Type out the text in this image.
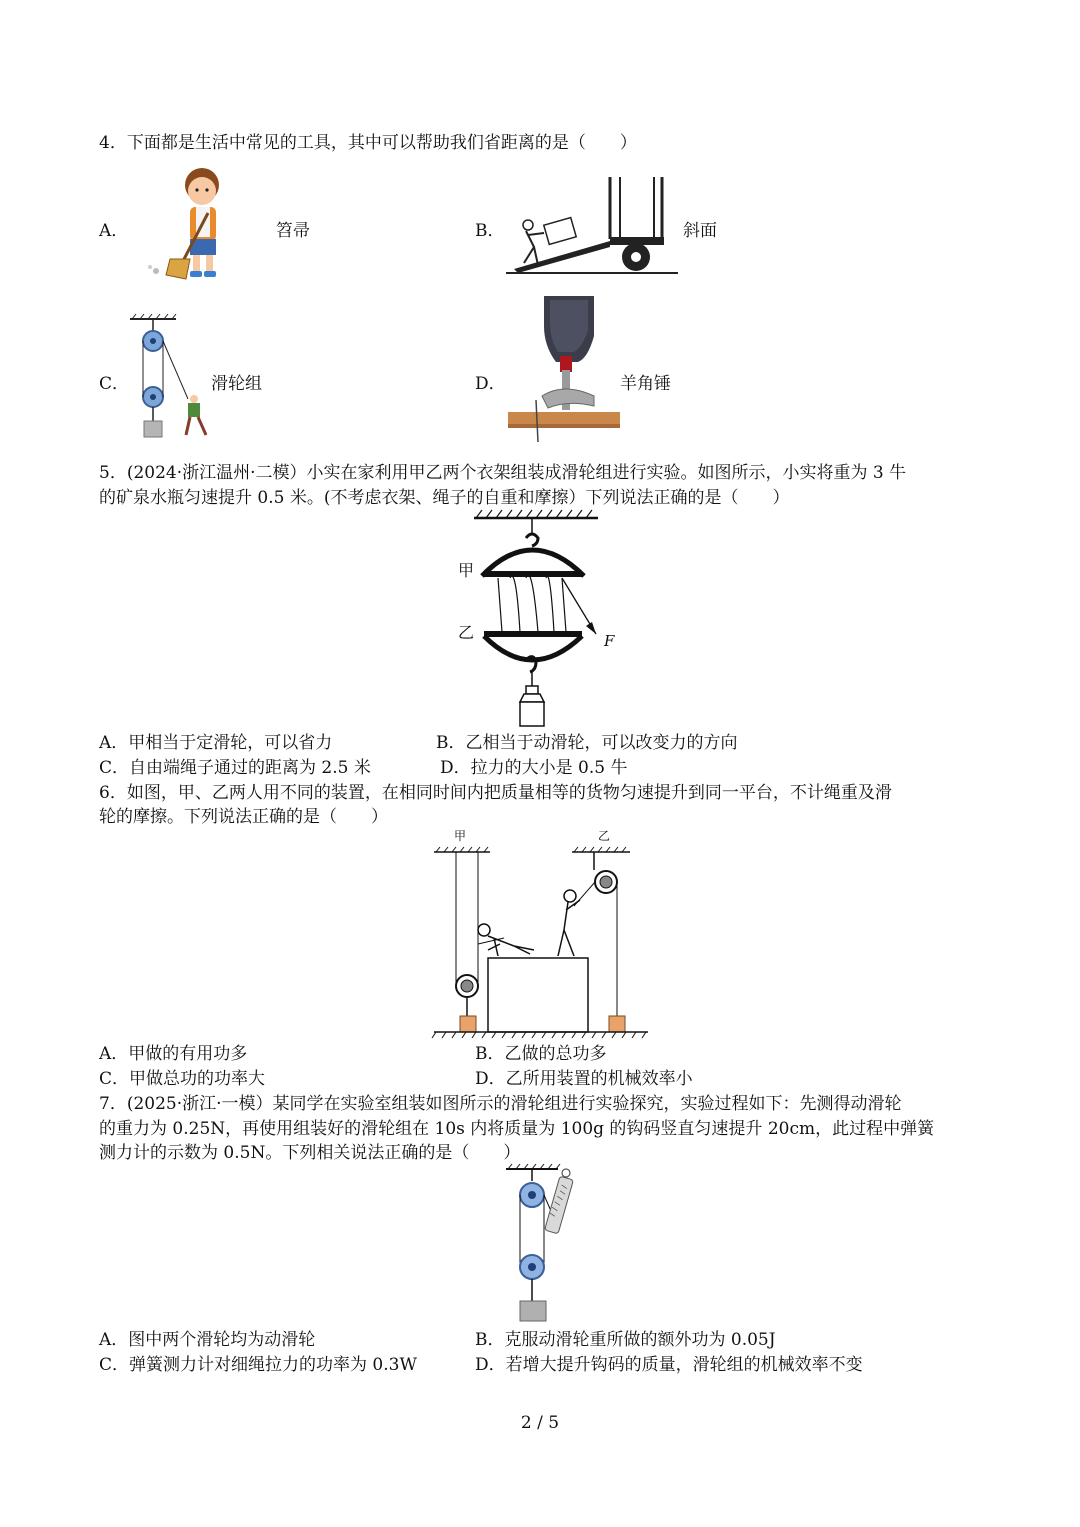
4．下面都是生活中常见的工具，其中可以帮助我们省距离的是（　　）
A．	笤帚	B．	斜面
C．	滑轮组	D．	羊角锤
5．(2024·浙江温州·二模）小实在家利用甲乙两个衣架组装成滑轮组进行实验。如图所示，小实将重为 3 牛
的矿泉水瓶匀速提升 0.5 米。(不考虑衣架、绳子的自重和摩擦）下列说法正确的是（　　）
甲
F
乙
A．甲相当于定滑轮，可以省力	B．乙相当于动滑轮，可以改变力的方向
C．自由端绳子通过的距离为 2.5 米	D．拉力的大小是 0.5 牛
6．如图，甲、乙两人用不同的装置，在相同时间内把质量相等的货物匀速提升到同一平台，不计绳重及滑
轮的摩擦。下列说法正确的是（　　）
甲	乙
A．甲做的有用功多	B．乙做的总功多
C．甲做总功的功率大	D．乙所用装置的机械效率小
7．(2025·浙江·一模）某同学在实验室组装如图所示的滑轮组进行实验探究，实验过程如下：先测得动滑轮
的重力为 0.25N，再使用组装好的滑轮组在 10s 内将质量为 100g 的钩码竖直匀速提升 20cm，此过程中弹簧
测力计的示数为 0.5N。下列相关说法正确的是（　　）
A．图中两个滑轮均为动滑轮	B．克服动滑轮重所做的额外功为 0.05J
C．弹簧测力计对细绳拉力的功率为 0.3W	D．若增大提升钩码的质量，滑轮组的机械效率不变
2 / 5
